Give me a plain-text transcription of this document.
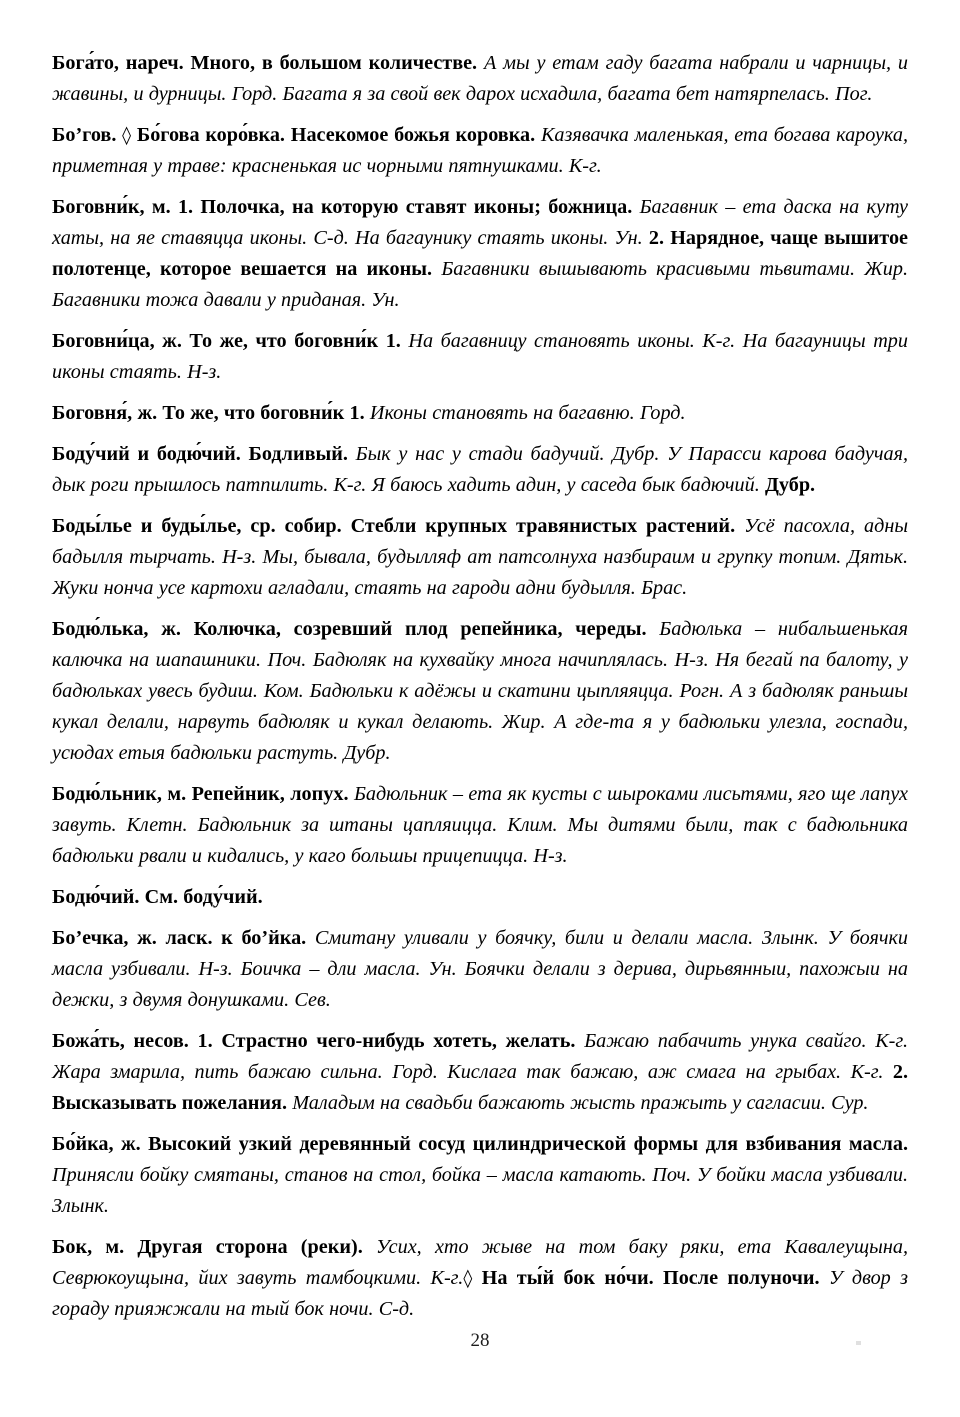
Бога́то, нареч. Много, в большом количестве. А мы у етам гаду багата набрали и чарницы, и жавины, и дурницы. Горд. Багата я за свой век дарох исхадила, багата бет натярпелась. Пог.
Бо’гов. ◊ Бо́гова коро́вка. Насекомое божья коровка. Казявачка маленькая, ета богава кароука, приметная у траве: красненькая ис чорными пятнушками. К-г.
Боговни́к, м. 1. Полочка, на которую ставят иконы; божница. Багавник – ета даска на куту хаты, на яе ставяцца иконы. С-д. На багаунику стаять иконы. Ун. 2. Нарядное, чаще вышитое полотенце, которое вешается на иконы. Багавники вышывають красивыми тьвитами. Жир. Багавники тожа давали у приданая. Ун.
Боговни́ца, ж. То же, что боговни́к 1. На багавницу становять иконы. К-г. На багауницы три иконы стаять. Н-з.
Боговня́, ж. То же, что боговни́к 1. Иконы становять на багавню. Горд.
Боду́чий и бодю́чий. Бодливый. Бык у нас у стади бадучий. Дубр. У Парасси карова бадучая, дык роги прышлось патпилить. К-г. Я баюсь хадить адин, у саседа бык бадючий. Дубр.
Боды́лье и буды́лье, ср. собир. Стебли крупных травянистых растений. Усё пасохла, адны бадылля тырчать. Н-з. Мы, бывала, будылляф ат патсолнуха назбираим и групку топим. Дятьк. Жуки нонча усе картохи агладали, стаять на гароди адни будылля. Брас.
Бодю́лька, ж. Колючка, созревший плод репейника, череды. Бадюлька – нибальшенькая калючка на шапашники. Поч. Бадюляк на кухвайку многа начиплялась. Н-з. Ня бегай па балоту, у бадюльках увесь будиш. Ком. Бадюльки к адёжы и скатини цыпляяцца. Рогн. А з бадюляк раньшы кукал делали, нарвуть бадюляк и кукал делають. Жир. А где-та я у бадюльки улезла, госпади, усюдах етыя бадюльки растуть. Дубр.
Бодю́льник, м. Репейник, лопух. Бадюльник – ета як кусты с шыроками лисьтями, яго ще лапух завуть. Клетн. Бадюльник за штаны цапляицца. Клим. Мы дитями были, так с бадюльника бадюльки рвали и кидались, у каго большы прицепицца. Н-з.
Бодю́чий. См. боду́чий.
Бо’ечка, ж. ласк. к бо’йка. Смитану уливали у боячку, били и делали масла. Злынк. У боячки масла узбивали. Н-з. Боичка – дли масла. Ун. Боячки делали з дерива, дирьвянныи, пахожыи на дежки, з двумя донушками. Сев.
Божа́ть, несов. 1. Страстно чего-нибудь хотеть, желать. Бажаю пабачить унука свайго. К-г. Жара змарила, пить бажаю сильна. Горд. Кислага так бажаю, аж смага на грыбах. К-г. 2. Высказывать пожелания. Маладым на свадьби бажають жысть пражыть у сагласии. Сур.
Бо́йка, ж. Высокий узкий деревянный сосуд цилиндрической формы для взбивания масла. Принясли бойку смятаны, станов на стол, бойка – масла катають. Поч. У бойки масла узбивали. Злынк.
Бок, м. Другая сторона (реки). Усих, хто жыве на том баку ряки, ета Кавалеущына, Севрюкоущына, йих завуть тамбоцкими. К-г.◊ На ты́й бок но́чи. После полуночи. У двор з гораду прияжжали на тый бок ночи. С-д.
28
